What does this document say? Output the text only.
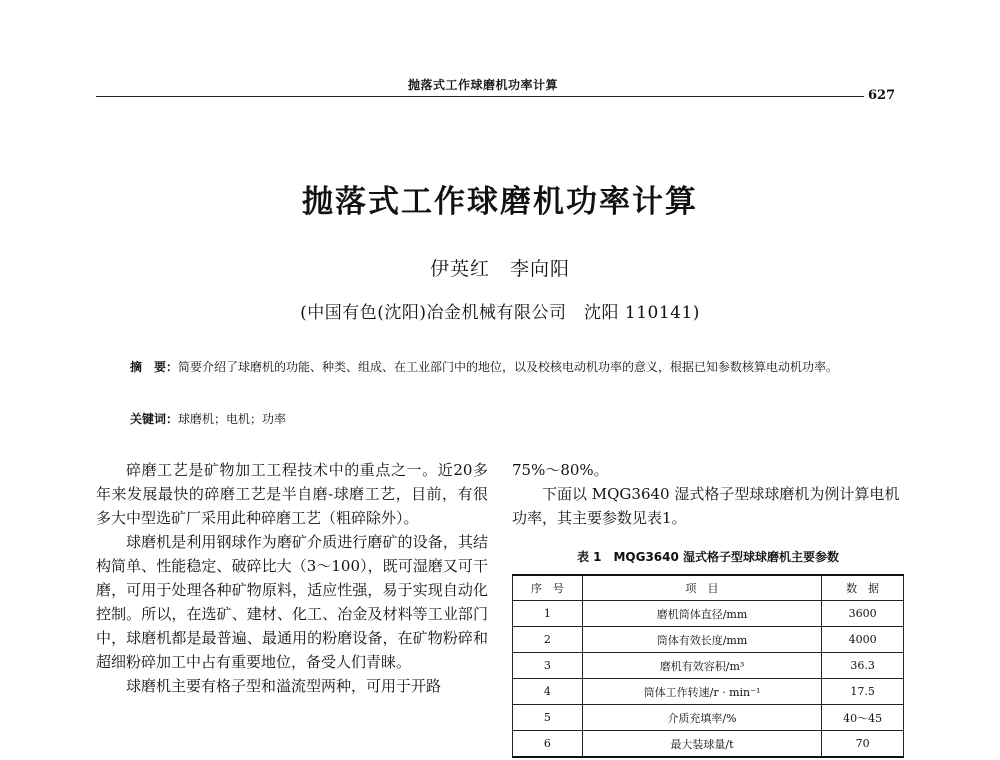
抛落式工作球磨机功率计算
627
抛落式工作球磨机功率计算
伊英红　李向阳
(中国有色(沈阳)冶金机械有限公司　沈阳 110141)
摘　要：简要介绍了球磨机的功能、种类、组成、在工业部门中的地位，以及校核电动机功率的意义，根据已知参数核算电动机功率。
关键词：球磨机；电机；功率

碎磨工艺是矿物加工工程技术中的重点之一。近20多年来发展最快的碎磨工艺是半自磨-球磨工艺，目前，有很多大中型选矿厂采用此种碎磨工艺（粗碎除外）。

球磨机是利用钢球作为磨矿介质进行磨矿的设备，其结构简单、性能稳定、破碎比大（3～100），既可湿磨又可干磨，可用于处理各种矿物原料，适应性强，易于实现自动化控制。所以，在选矿、建材、化工、冶金及材料等工业部门中，球磨机都是最普遍、最通用的粉磨设备，在矿物粉碎和超细粉碎加工中占有重要地位，备受人们青睐。

球磨机主要有格子型和溢流型两种，可用于开路

75%～80%。

下面以 MQG3640 湿式格子型球球磨机为例计算电机功率，其主要参数见表1。

表 1　MQG3640 湿式格子型球球磨机主要参数
序　号	项　目	数　据
1	磨机筒体直径/mm	3600
2	筒体有效长度/mm	4000
3	磨机有效容积/m³	36.3
4	筒体工作转速/r · min⁻¹	17.5
5	介质充填率/%	40～45
6	最大装球量/t	70
